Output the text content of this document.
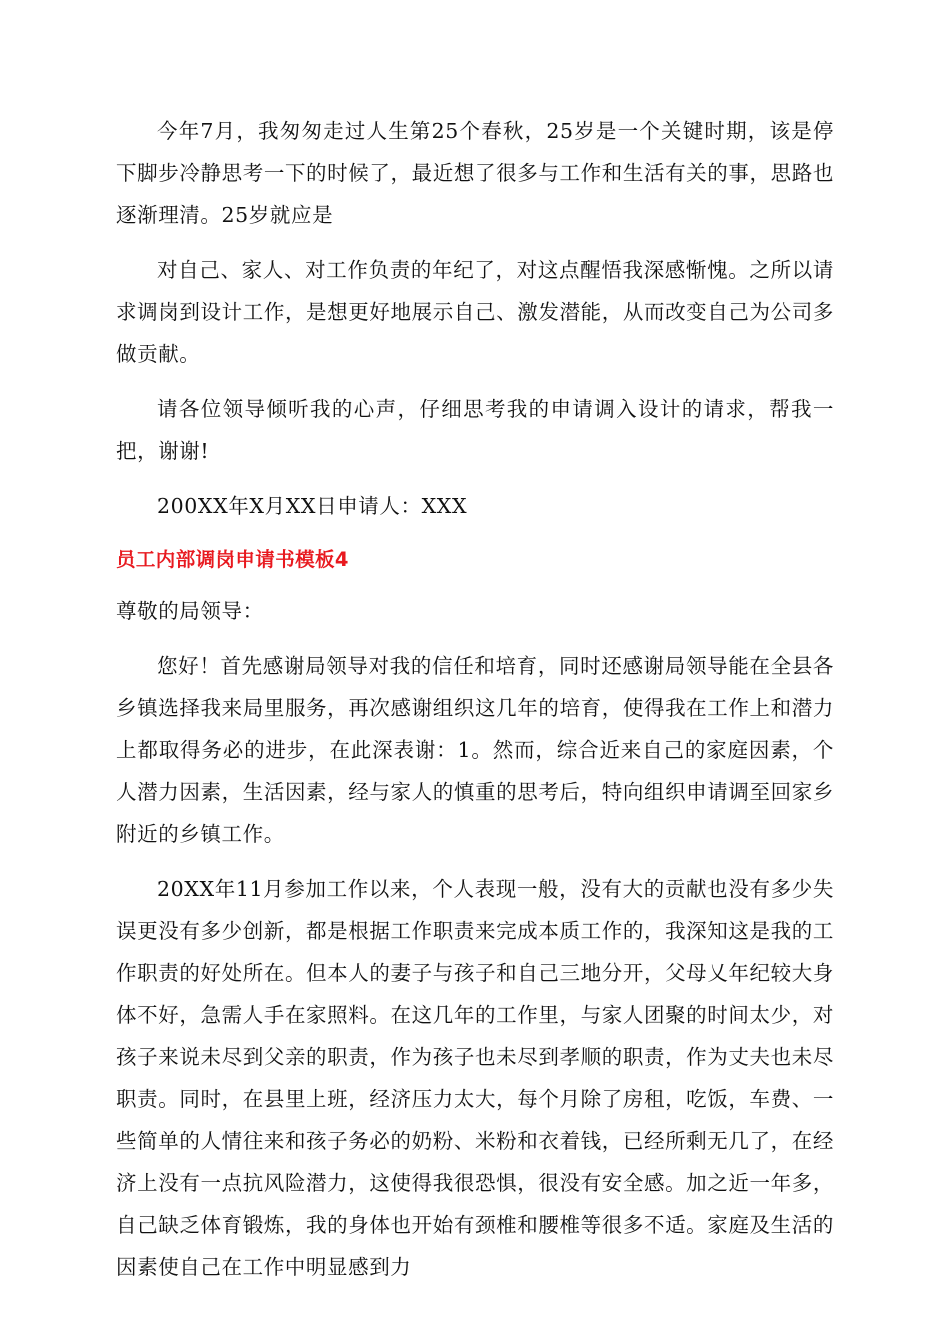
今年7月，我匆匆走过人生第25个春秋，25岁是一个关键时期，该是停下脚步冷静思考一下的时候了，最近想了很多与工作和生活有关的事，思路也逐渐理清。25岁就应是

对自己、家人、对工作负责的年纪了，对这点醒悟我深感惭愧。之所以请求调岗到设计工作，是想更好地展示自己、激发潜能，从而改变自己为公司多做贡献。

请各位领导倾听我的心声，仔细思考我的申请调入设计的请求，帮我一把，谢谢!

200XX年X月XX日申请人：XXX

员工内部调岗申请书模板4

尊敬的局领导：

您好！首先感谢局领导对我的信任和培育，同时还感谢局领导能在全县各乡镇选择我来局里服务，再次感谢组织这几年的培育，使得我在工作上和潜力上都取得务必的进步，在此深表谢：1。然而，综合近来自己的家庭因素，个人潜力因素，生活因素，经与家人的慎重的思考后，特向组织申请调至回家乡附近的乡镇工作。

20XX年11月参加工作以来，个人表现一般，没有大的贡献也没有多少失误更没有多少创新，都是根据工作职责来完成本质工作的，我深知这是我的工作职责的好处所在。但本人的妻子与孩子和自己三地分开，父母乂年纪较大身体不好，急需人手在家照料。在这几年的工作里，与家人团聚的时间太少，对孩子来说未尽到父亲的职责，作为孩子也未尽到孝顺的职责，作为丈夫也未尽职责。同时，在县里上班，经济压力太大，每个月除了房租，吃饭，车费、一些简单的人情往来和孩子务必的奶粉、米粉和衣着钱，已经所剩无几了，在经济上没有一点抗风险潜力，这使得我很恐惧，很没有安全感。加之近一年多，自己缺乏体育锻炼，我的身体也开始有颈椎和腰椎等很多不适。家庭及生活的因素使自己在工作中明显感到力
